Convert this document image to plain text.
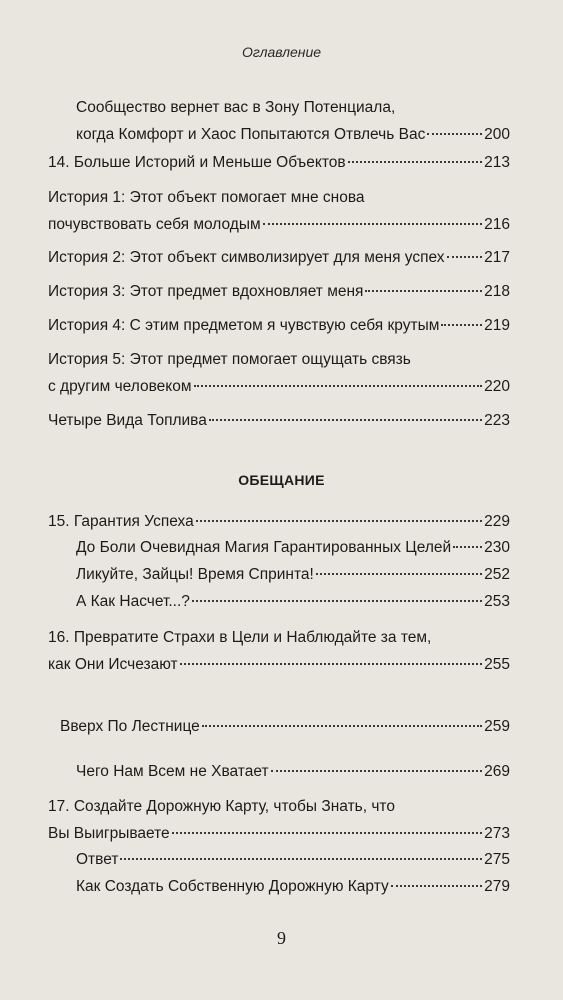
Оглавление
Сообщество вернет вас в Зону Потенциала,
когда Комфорт и Хаос Попытаются Отвлечь Вас	200
14. Больше Историй и Меньше Объектов	213
История 1: Этот объект помогает мне снова
почувствовать себя молодым	216
История 2: Этот объект символизирует для меня успех	217
История 3: Этот предмет вдохновляет меня	218
История 4: С этим предметом я чувствую себя крутым	219
История 5: Этот предмет помогает ощущать связь
с другим человеком	220
Четыре Вида Топлива	223
ОБЕЩАНИЕ
15. Гарантия Успеха	229
До Боли Очевидная Магия Гарантированных Целей 230
Ликуйте, Зайцы! Время Спринта!	252
А Как Насчет...?	253
16. Превратите Страхи в Цели и Наблюдайте за тем,
как Они Исчезают	255
Вверх По Лестнице	259
Чего Нам Всем не Хватает	269
17. Создайте Дорожную Карту, чтобы Знать, что
Вы Выигрываете	273
Ответ	275
Как Создать Собственную Дорожную Карту	279
9
